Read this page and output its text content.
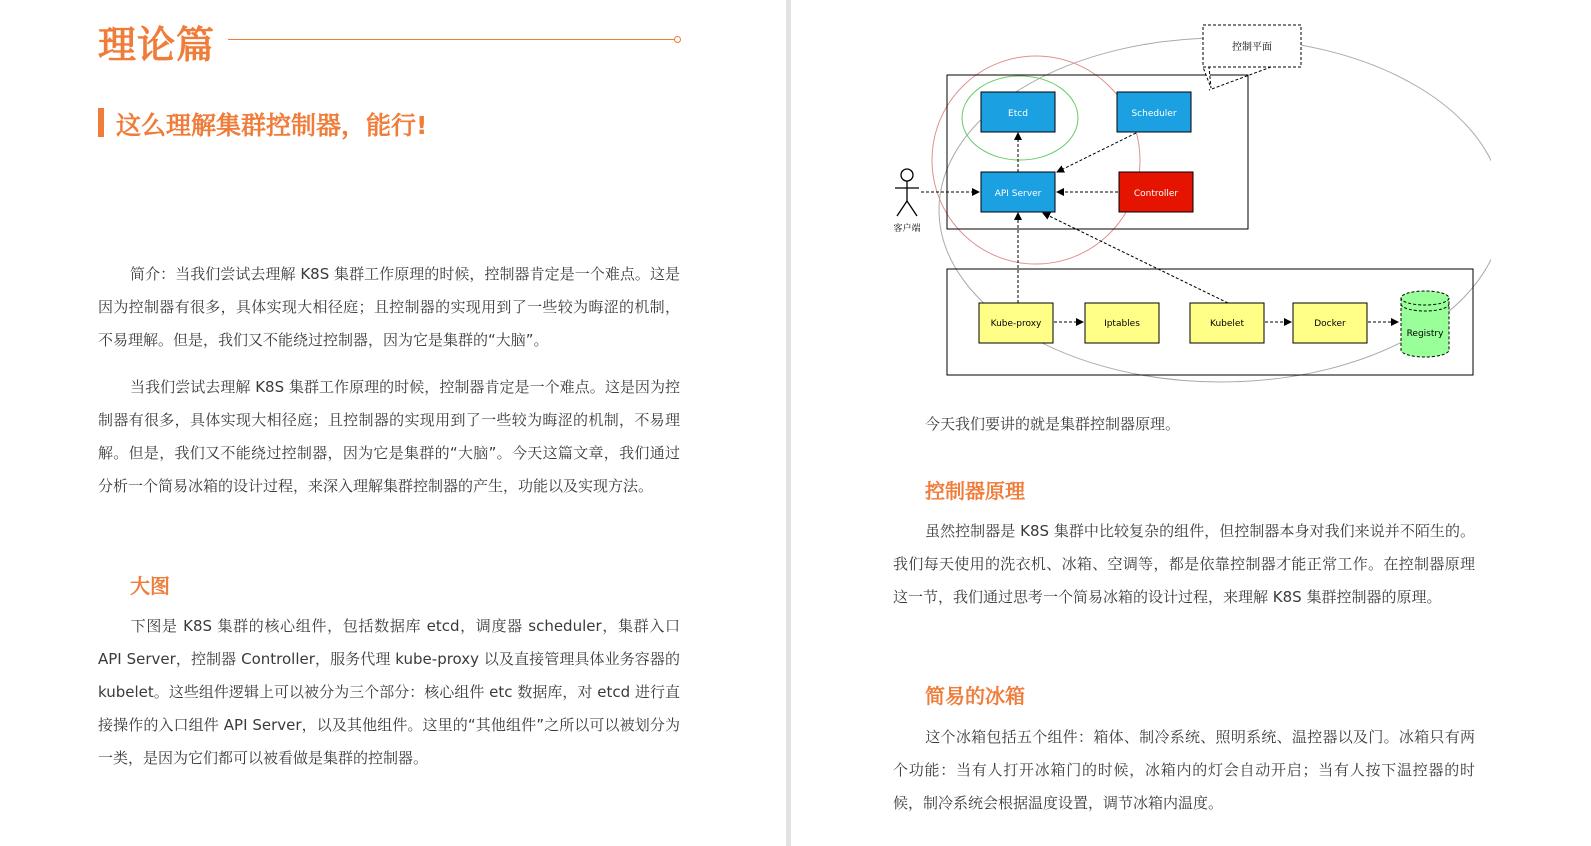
理论篇
这么理解集群控制器，能行!

简介：当我们尝试去理解 K8S 集群工作原理的时候，控制器肯定是一个难点。这是因为控制器有很多，具体实现大相径庭；且控制器的实现用到了一些较为晦涩的机制，不易理解。但是，我们又不能绕过控制器，因为它是集群的“大脑”。

当我们尝试去理解 K8S 集群工作原理的时候，控制器肯定是一个难点。这是因为控制器有很多，具体实现大相径庭；且控制器的实现用到了一些较为晦涩的机制，不易理解。但是，我们又不能绕过控制器，因为它是集群的“大脑”。今天这篇文章，我们通过分析一个简易冰箱的设计过程，来深入理解集群控制器的产生，功能以及实现方法。

大图

下图是 K8S 集群的核心组件，包括数据库 etcd，调度器 scheduler，集群入口 API Server，控制器 Controller，服务代理 kube-proxy 以及直接管理具体业务容器的 kubelet。这些组件逻辑上可以被分为三个部分：核心组件 etc 数据库，对 etcd 进行直接操作的入口组件 API Server，以及其他组件。这里的“其他组件”之所以可以被划分为一类，是因为它们都可以被看做是集群的控制器。

控制平面
客户端
Etcd	Scheduler
API Server	Controller
Kube-proxy	Iptables	Kubelet	Docker
Registry

今天我们要讲的就是集群控制器原理。

控制器原理

虽然控制器是 K8S 集群中比较复杂的组件，但控制器本身对我们来说并不陌生的。我们每天使用的洗衣机、冰箱、空调等，都是依靠控制器才能正常工作。在控制器原理这一节，我们通过思考一个简易冰箱的设计过程，来理解 K8S 集群控制器的原理。

简易的冰箱

这个冰箱包括五个组件：箱体、制冷系统、照明系统、温控器以及门。冰箱只有两个功能：当有人打开冰箱门的时候，冰箱内的灯会自动开启；当有人按下温控器的时候，制冷系统会根据温度设置，调节冰箱内温度。
